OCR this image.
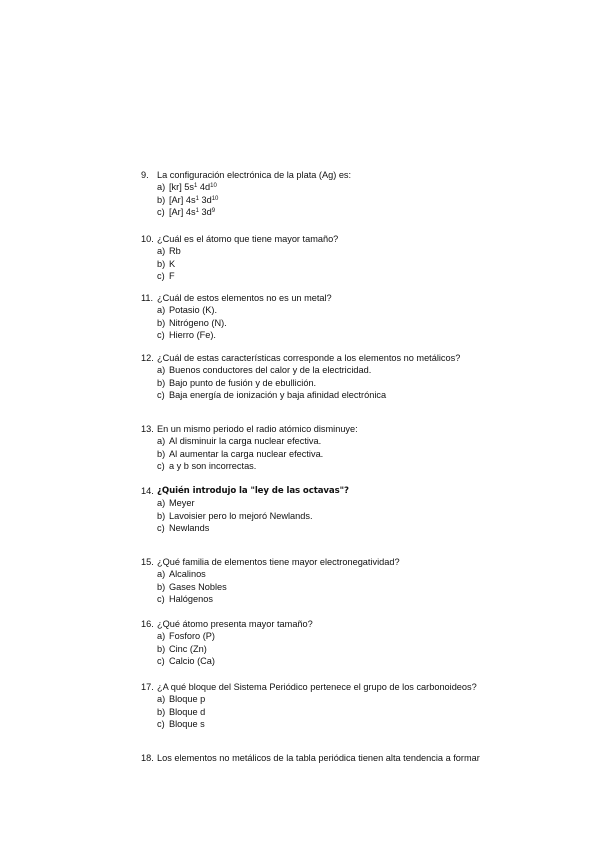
9. La configuración electrónica de la plata (Ag) es:
a) [kr] $5s^1$ $4d^{10}$
b) [Ar] $4s^1$ $3d^{10}$
c) [Ar] $4s^1$ $3d^9$
10. ¿Cuál es el átomo que tiene mayor tamaño?
a) Rb
b) K
c) F
11. ¿Cuál de estos elementos no es un metal?
a) Potasio (K).
b) Nitrógeno (N).
c) Hierro (Fe).
12. ¿Cuál de estas características corresponde a los elementos no metálicos?
a) Buenos conductores del calor y de la electricidad.
b) Bajo punto de fusión y de ebullición.
c) Baja energía de ionización y baja afinidad electrónica
13. En un mismo periodo el radio atómico disminuye:
a) Al disminuir la carga nuclear efectiva.
b) Al aumentar la carga nuclear efectiva.
c) a y b son incorrectas.
14. ¿Quién introdujo la "ley de las octavas"?
a) Meyer
b) Lavoisier pero lo mejoró Newlands.
c) Newlands
15. ¿Qué familia de elementos tiene mayor electronegatividad?
a) Alcalinos
b) Gases Nobles
c) Halógenos
16. ¿Qué átomo presenta mayor tamaño?
a) Fosforo (P)
b) Cinc (Zn)
c) Calcio (Ca)
17. ¿A qué bloque del Sistema Periódico pertenece el grupo de los carbonoideos?
a) Bloque p
b) Bloque d
c) Bloque s
18. Los elementos no metálicos de la tabla periódica tienen alta tendencia a formar
